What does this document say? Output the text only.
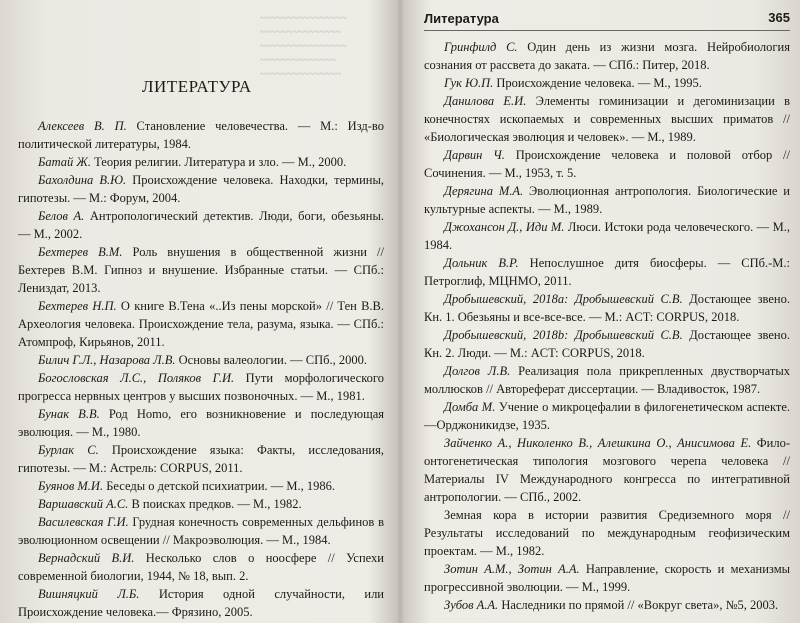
~~~~~~~~~~~~~~~~
~~~~~~~~~~~~~~~
~~~~~~~~~~~~~~~~
~~~~~~~~~~~~~~
~~~~~~~~~~~~~~~
ЛИТЕРАТУРА

Алексеев В. П. Становление человечества. — М.: Изд-во политической литературы, 1984.

Батай Ж. Теория религии. Литература и зло. — М., 2000.

Бахолдина В.Ю. Происхождение человека. Находки, термины, гипотезы. — М.: Форум, 2004.

Белов А. Антропологический детектив. Люди, боги, обезьяны. — М., 2002.

Бехтерев В.М. Роль внушения в общественной жизни // Бехтерев В.М. Гипноз и внушение. Избранные статьи. — СПб.: Лениздат, 2013.

Бехтерев Н.П. О книге В.Тена «..Из пены морской» // Тен В.В. Археология человека. Происхождение тела, разума, языка. — СПб.: Атомпроф, Кирьянов, 2011.

Билич Г.Л., Назарова Л.В. Основы валеологии. — СПб., 2000.

Богословская Л.С., Поляков Г.И. Пути морфологического прогресса нервных центров у высших позвоночных. — М., 1981.

Бунак В.В. Род Homo, его возникновение и последующая эволюция. — М., 1980.

Бурлак С. Происхождение языка: Факты, исследования, гипотезы. — М.: Астрель: CORPUS, 2011.

Буянов М.И. Беседы о детской психиатрии. — М., 1986.

Варшавский А.С. В поисках предков. — М., 1982.

Василевская Г.И. Грудная конечность современных дельфинов в эволюционном освещении // Макроэволюция. — М., 1984.

Вернадский В.И. Несколько слов о ноосфере // Успехи современной биологии, 1944, № 18, вып. 2.

Вишняцкий Л.Б. История одной случайности, или Происхождение человека.— Фрязино, 2005.

Литература	365

Гринфилд С. Один день из жизни мозга. Нейробиология сознания от рассвета до заката. — СПб.: Питер, 2018.

Гук Ю.П. Происхождение человека. — М., 1995.

Данилова Е.И. Элементы гоминизации и дегоминизации в конечностях ископаемых и современных высших приматов // «Биологическая эволюция и человек». — М., 1989.

Дарвин Ч. Происхождение человека и половой отбор // Сочинения. — М., 1953, т. 5.

Дерягина М.А. Эволюционная антропология. Биологические и культурные аспекты. — М., 1989.

Джохансон Д., Иди М. Люси. Истоки рода человеческого. — М., 1984.

Дольник В.Р. Непослушное дитя биосферы. — СПб.-М.: Петроглиф, МЦНМО, 2011.

Дробышевский, 2018a: Дробышевский С.В. Достающее звено. Кн. 1. Обезьяны и все-все-все. — М.: ACT: CORPUS, 2018.

Дробышевский, 2018b: Дробышевский С.В. Достающее звено. Кн. 2. Люди. — М.: ACT: CORPUS, 2018.

Долгов Л.В. Реализация пола прикрепленных двустворчатых моллюсков // Автореферат диссертации. — Владивосток, 1987.

Домба М. Учение о микроцефалии в филогенетическом аспекте. —Орджоникидзе, 1935.

Зайченко А., Николенко В., Алешкина О., Анисимова Е. Фило-онтогенетическая типология мозгового черепа человека // Материалы IV Международного конгресса по интегративной антропологии. — СПб., 2002.

Земная кора в истории развития Средиземного моря // Результаты исследований по международным геофизическим проектам. — М., 1982.

Зотин А.М., Зотин А.А. Направление, скорость и механизмы прогрессивной эволюции. — М., 1999.

Зубов А.А. Наследники по прямой // «Вокруг света», №5, 2003.
